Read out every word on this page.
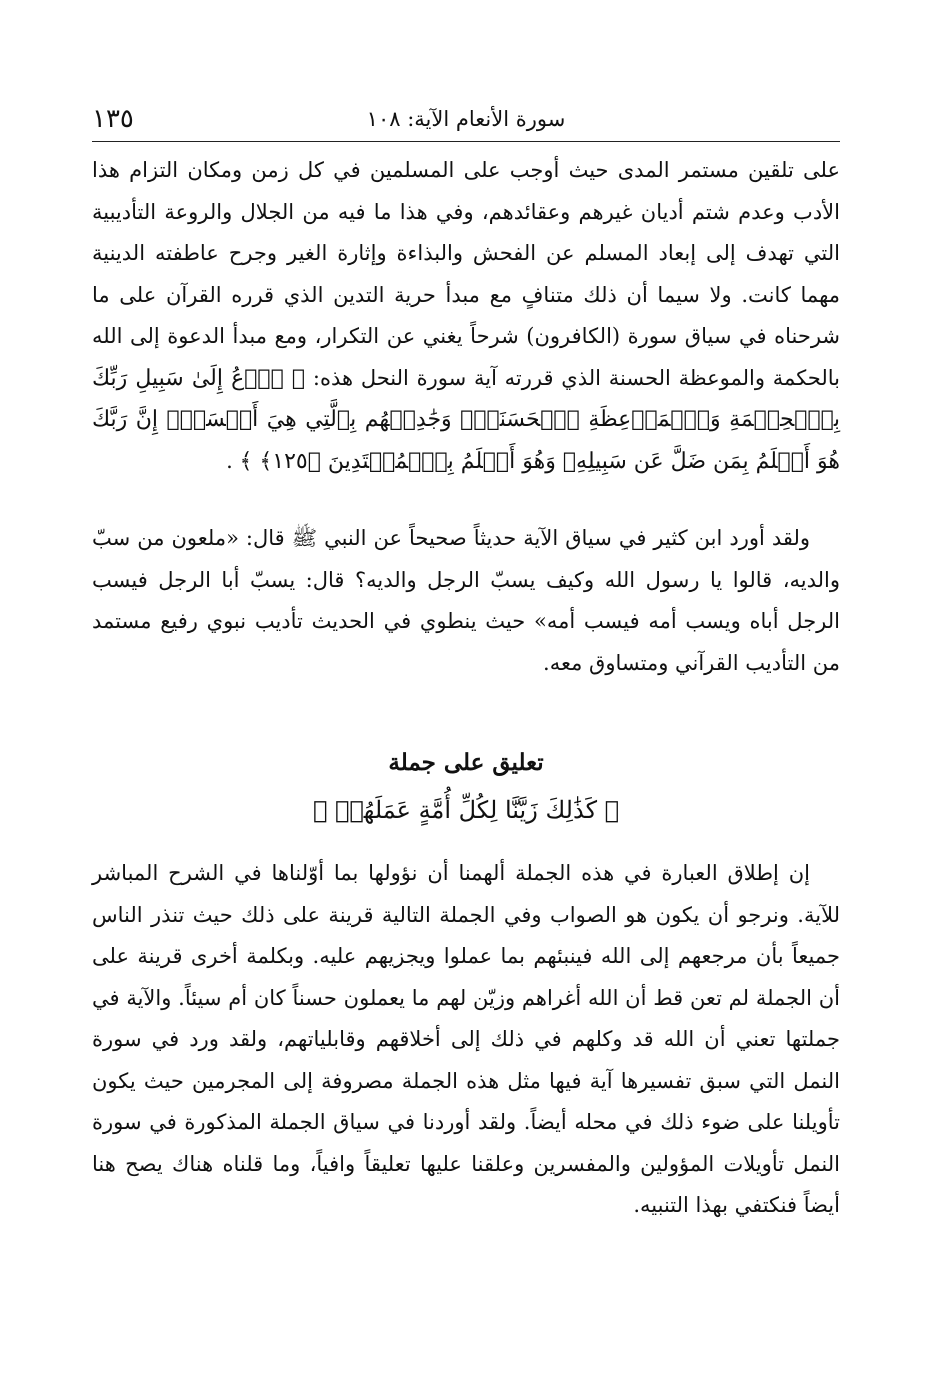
١٣٥	سورة الأنعام الآية: ١٠٨

على تلقين مستمر المدى حيث أوجب على المسلمين في كل زمن ومكان التزام هذا الأدب وعدم شتم أديان غيرهم وعقائدهم، وفي هذا ما فيه من الجلال والروعة التأديبية التي تهدف إلى إبعاد المسلم عن الفحش والبذاءة وإثارة الغير وجرح عاطفته الدينية مهما كانت. ولا سيما أن ذلك متنافٍ مع مبدأ حرية التدين الذي قرره القرآن على ما شرحناه في سياق سورة (الكافرون) شرحاً يغني عن التكرار، ومع مبدأ الدعوة إلى الله بالحكمة والموعظة الحسنة الذي قررته آية سورة النحل هذه: ﴿ ٱدۡعُ إِلَىٰ سَبِيلِ رَبِّكَ بِٱلۡحِكۡمَةِ وَٱلۡمَوۡعِظَةِ ٱلۡحَسَنَةِۖ وَجَٰدِلۡهُم بِٱلَّتِي هِيَ أَحۡسَنُۚ إِنَّ رَبَّكَ هُوَ أَعۡلَمُ بِمَن ضَلَّ عَن سَبِيلِهِۦ وَهُوَ أَعۡلَمُ بِٱلۡمُهۡتَدِينَ ﴿١٢٥﴾ ﴾ .

ولقد أورد ابن كثير في سياق الآية حديثاً صحيحاً عن النبي ﷺ قال: «ملعون من سبّ والديه، قالوا يا رسول الله وكيف يسبّ الرجل والديه؟ قال: يسبّ أبا الرجل فيسب الرجل أباه ويسب أمه فيسب أمه» حيث ينطوي في الحديث تأديب نبوي رفيع مستمد من التأديب القرآني ومتساوق معه.

تعليق على جملة
﴿ كَذَٰلِكَ زَيَّنَّا لِكُلِّ أُمَّةٍ عَمَلَهُمۡ ﴾

إن إطلاق العبارة في هذه الجملة ألهمنا أن نؤولها بما أوّلناها في الشرح المباشر للآية. ونرجو أن يكون هو الصواب وفي الجملة التالية قرينة على ذلك حيث تنذر الناس جميعاً بأن مرجعهم إلى الله فينبئهم بما عملوا ويجزيهم عليه. وبكلمة أخرى قرينة على أن الجملة لم تعن قط أن الله أغراهم وزيّن لهم ما يعملون حسناً كان أم سيئاً. والآية في جملتها تعني أن الله قد وكلهم في ذلك إلى أخلاقهم وقابلياتهم، ولقد ورد في سورة النمل التي سبق تفسيرها آية فيها مثل هذه الجملة مصروفة إلى المجرمين حيث يكون تأويلنا على ضوء ذلك في محله أيضاً. ولقد أوردنا في سياق الجملة المذكورة في سورة النمل تأويلات المؤولين والمفسرين وعلقنا عليها تعليقاً وافياً، وما قلناه هناك يصح هنا أيضاً فنكتفي بهذا التنبيه.
